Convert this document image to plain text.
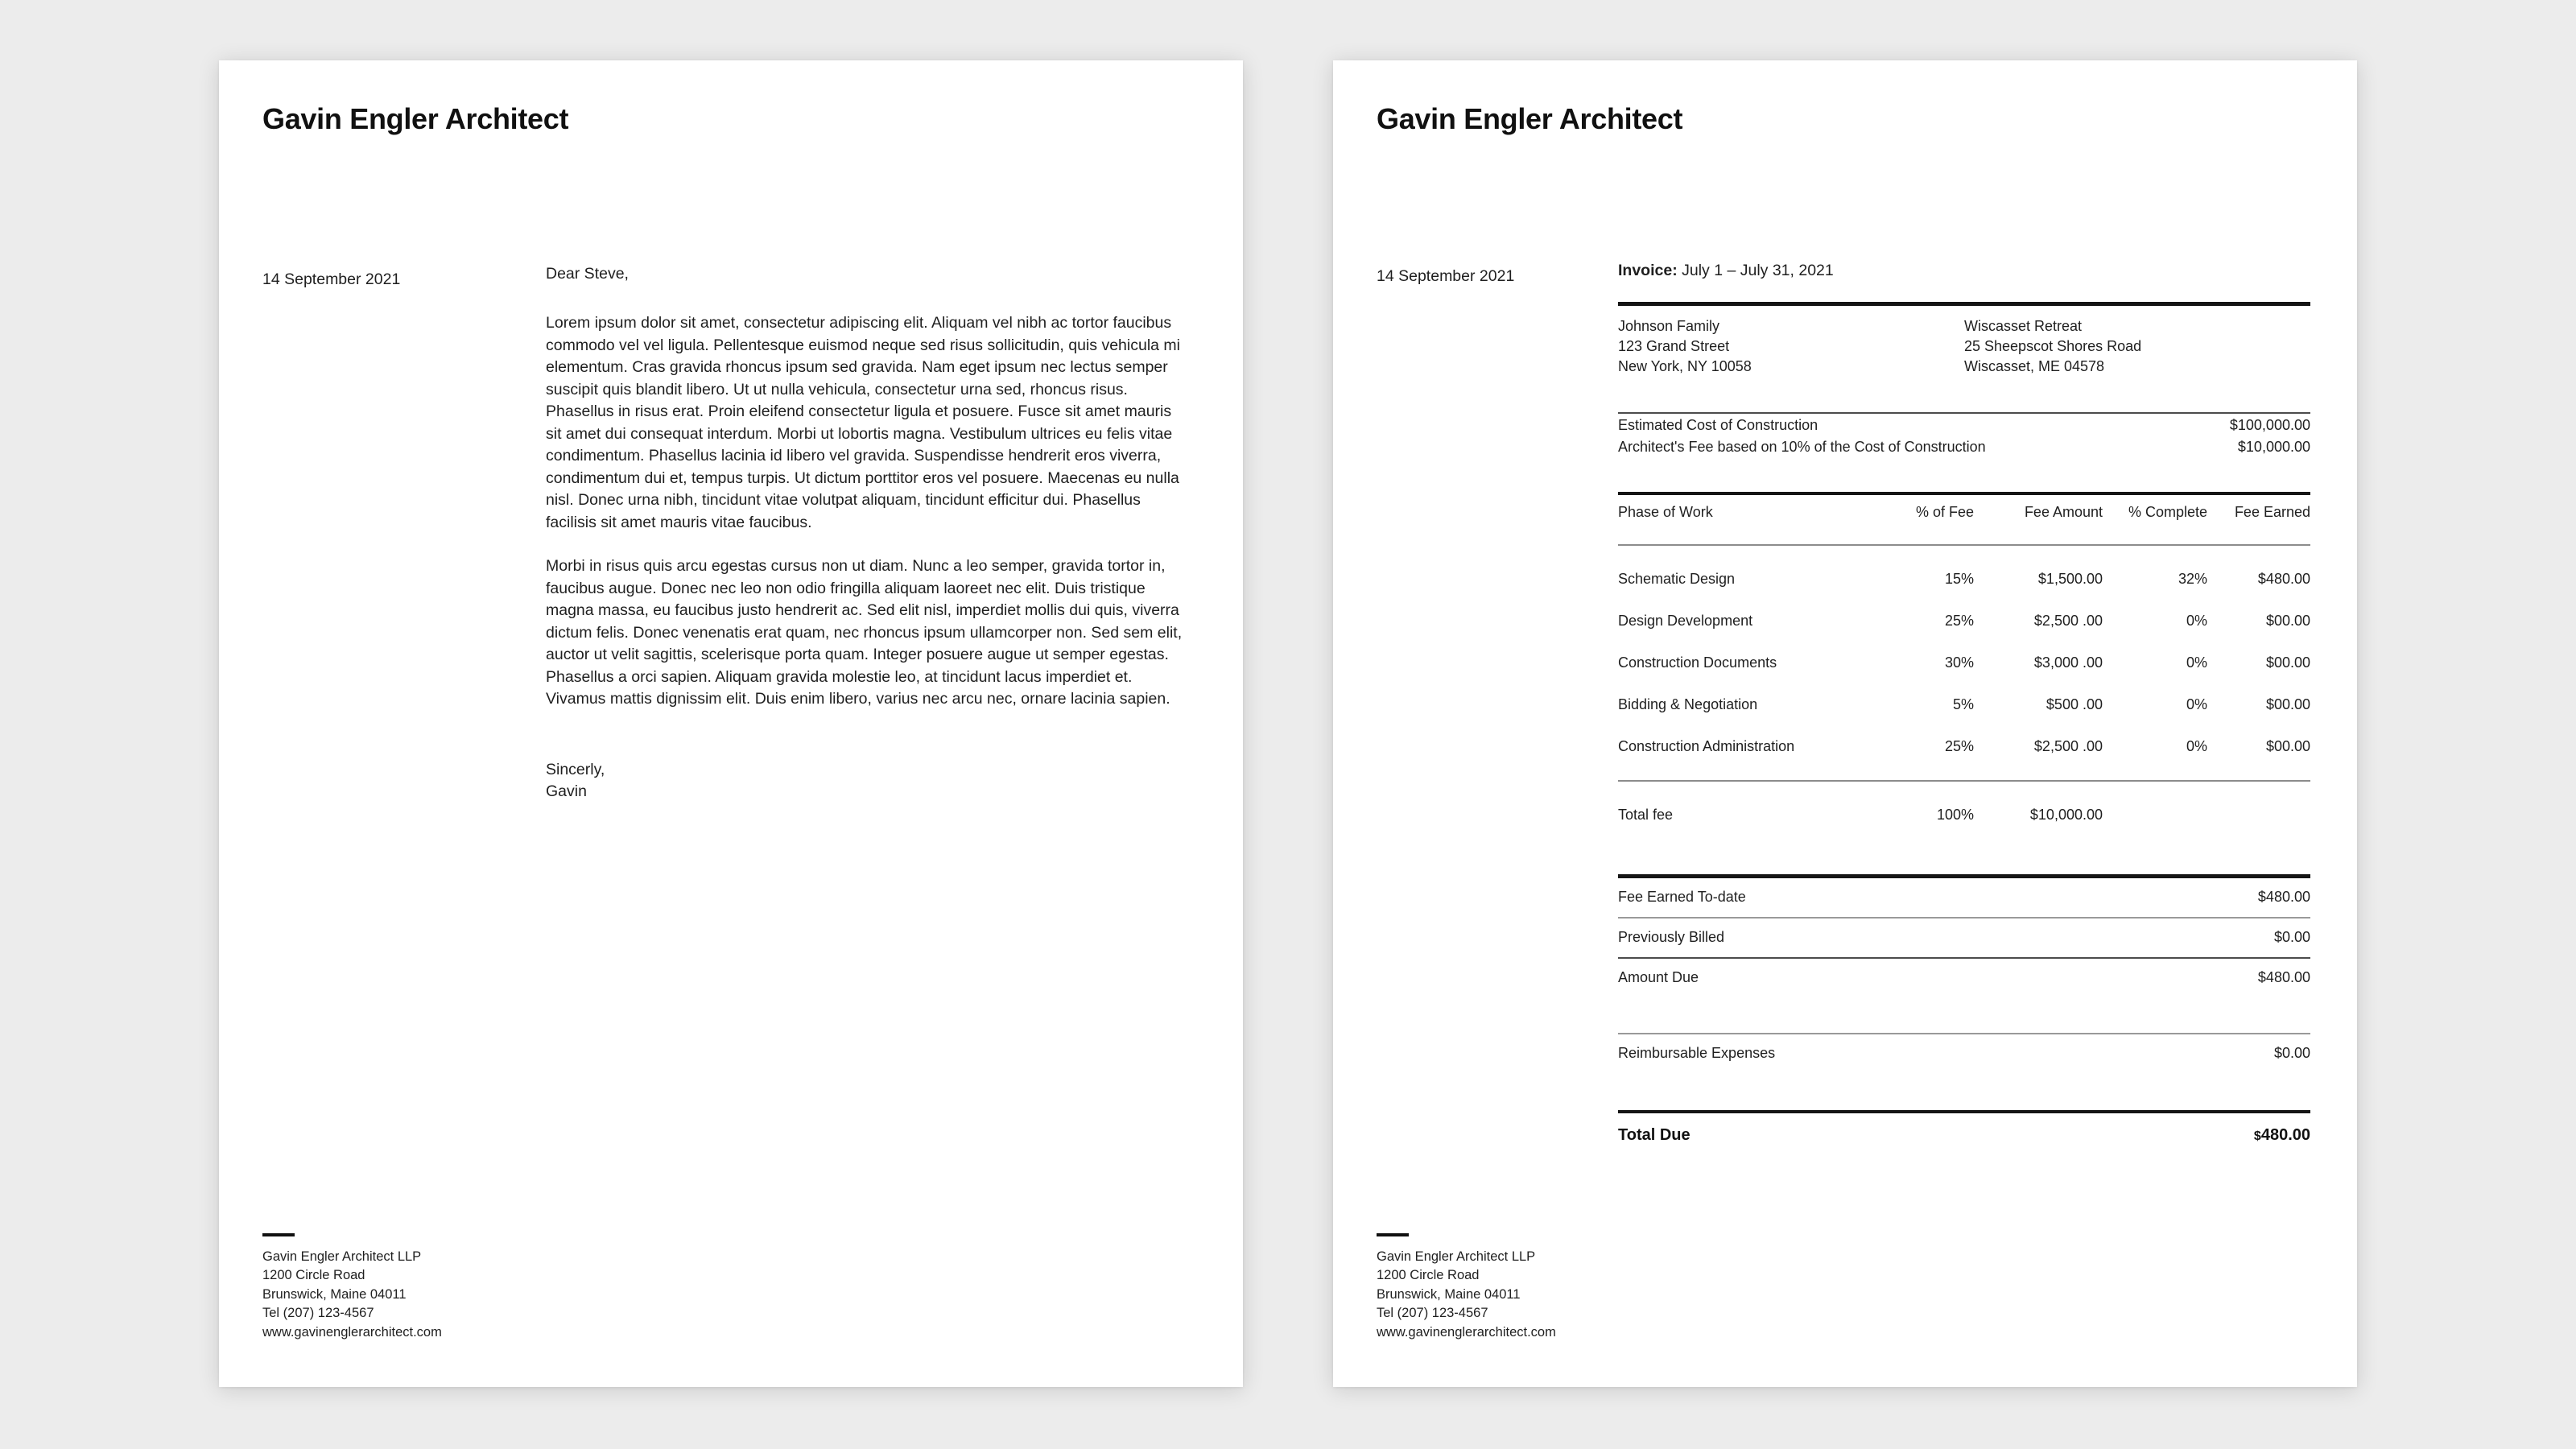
Gavin Engler Architect
14 September 2021	Dear Steve,

Lorem ipsum dolor sit amet, consectetur adipiscing elit. Aliquam vel nibh ac tortor faucibus commodo vel vel ligula. Pellentesque euismod neque sed risus sollicitudin, quis vehicula mi elementum. Cras gravida rhoncus ipsum sed gravida. Nam eget ipsum nec lectus semper suscipit quis blandit libero. Ut ut nulla vehicula, consectetur urna sed, rhoncus risus. Phasellus in risus erat. Proin eleifend consectetur ligula et posuere. Fusce sit amet mauris sit amet dui consequat interdum. Morbi ut lobortis magna. Vestibulum ultrices eu felis vitae condimentum. Phasellus lacinia id libero vel gravida. Suspendisse hendrerit eros viverra, condimentum dui et, tempus turpis. Ut dictum porttitor eros vel posuere. Maecenas eu nulla nisl. Donec urna nibh, tincidunt vitae volutpat aliquam, tincidunt efficitur dui. Phasellus facilisis sit amet mauris vitae faucibus.

Morbi in risus quis arcu egestas cursus non ut diam. Nunc a leo semper, gravida tortor in, faucibus augue. Donec nec leo non odio fringilla aliquam laoreet nec elit. Duis tristique magna massa, eu faucibus justo hendrerit ac. Sed elit nisl, imperdiet mollis dui quis, viverra dictum felis. Donec venenatis erat quam, nec rhoncus ipsum ullamcorper non. Sed sem elit, auctor ut velit sagittis, scelerisque porta quam. Integer posuere augue ut semper egestas. Phasellus a orci sapien. Aliquam gravida molestie leo, at tincidunt lacus imperdiet et. Vivamus mattis dignissim elit. Duis enim libero, varius nec arcu nec, ornare lacinia sapien.

Sincerly,
Gavin
Gavin Engler Architect LLP
1200 Circle Road
Brunswick, Maine 04011
Tel (207) 123-4567
www.gavinenglerarchitect.com
Gavin Engler Architect
14 September 2021	Invoice: July 1 – July 31, 2021
Johnson Family
123 Grand Street
New York, NY 10058
Wiscasset Retreat
25 Sheepscot Shores Road
Wiscasset, ME 04578
Estimated Cost of Construction	$100,000.00
Architect's Fee based on 10% of the Cost of Construction	$10,000.00
Phase of Work	% of Fee	Fee Amount	% Complete	Fee Earned

Schematic Design	15%	$1,500.00	32%	$480.00
Design Development	25%	$2,500 .00	0%	$00.00
Construction Documents	30%	$3,000 .00	0%	$00.00
Bidding & Negotiation	5%	$500 .00	0%	$00.00
Construction Administration	25%	$2,500 .00	0%	$00.00

Total fee	100%	$10,000.00		
Fee Earned To-date	$480.00
Previously Billed	$0.00
Amount Due	$480.00
Reimbursable Expenses	$0.00
Total Due	$480.00
Gavin Engler Architect LLP
1200 Circle Road
Brunswick, Maine 04011
Tel (207) 123-4567
www.gavinenglerarchitect.com
